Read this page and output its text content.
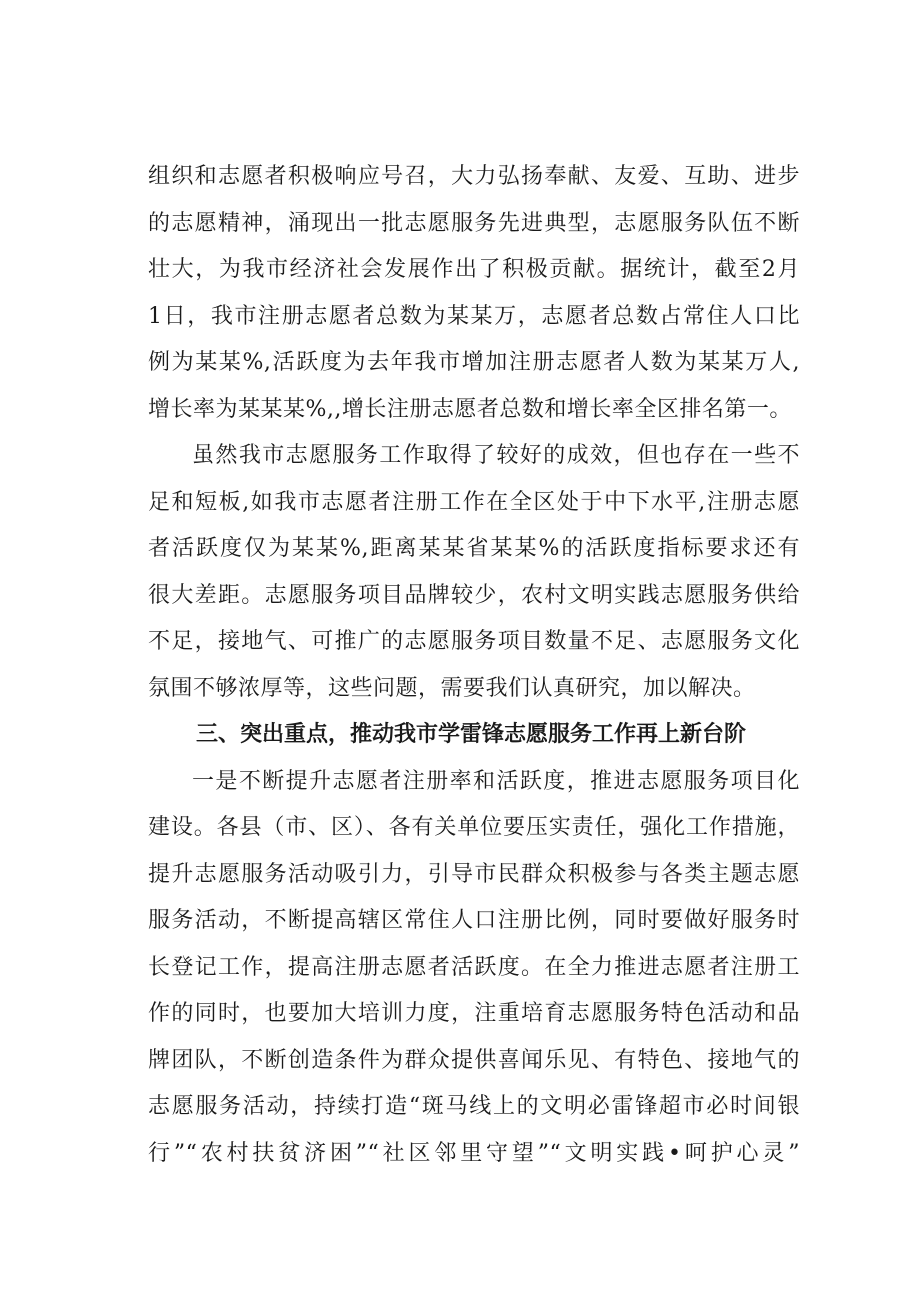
组织和志愿者积极响应号召，大力弘扬奉献、友爱、互助、进步
的志愿精神，涌现出一批志愿服务先进典型，志愿服务队伍不断
壮大，为我市经济社会发展作出了积极贡献。据统计，截至2月
1日，我市注册志愿者总数为某某万，志愿者总数占常住人口比
例为某某%,活跃度为去年我市增加注册志愿者人数为某某万人,
增长率为某某某%,,增长注册志愿者总数和增长率全区排名第一。
虽然我市志愿服务工作取得了较好的成效，但也存在一些不
足和短板,如我市志愿者注册工作在全区处于中下水平,注册志愿
者活跃度仅为某某%,距离某某省某某%的活跃度指标要求还有
很大差距。志愿服务项目品牌较少，农村文明实践志愿服务供给
不足，接地气、可推广的志愿服务项目数量不足、志愿服务文化
氛围不够浓厚等，这些问题，需要我们认真研究，加以解决。
三、突出重点，推动我市学雷锋志愿服务工作再上新台阶
一是不断提升志愿者注册率和活跃度，推进志愿服务项目化
建设。各县（市、区）、各有关单位要压实责任，强化工作措施，
提升志愿服务活动吸引力，引导市民群众积极参与各类主题志愿
服务活动，不断提高辖区常住人口注册比例，同时要做好服务时
长登记工作，提高注册志愿者活跃度。在全力推进志愿者注册工
作的同时，也要加大培训力度，注重培育志愿服务特色活动和品
牌团队，不断创造条件为群众提供喜闻乐见、有特色、接地气的
志愿服务活动，持续打造“斑马线上的文明必雷锋超市必时间银
行”“农村扶贫济困”“社区邻里守望”“文明实践•呵护心灵”
